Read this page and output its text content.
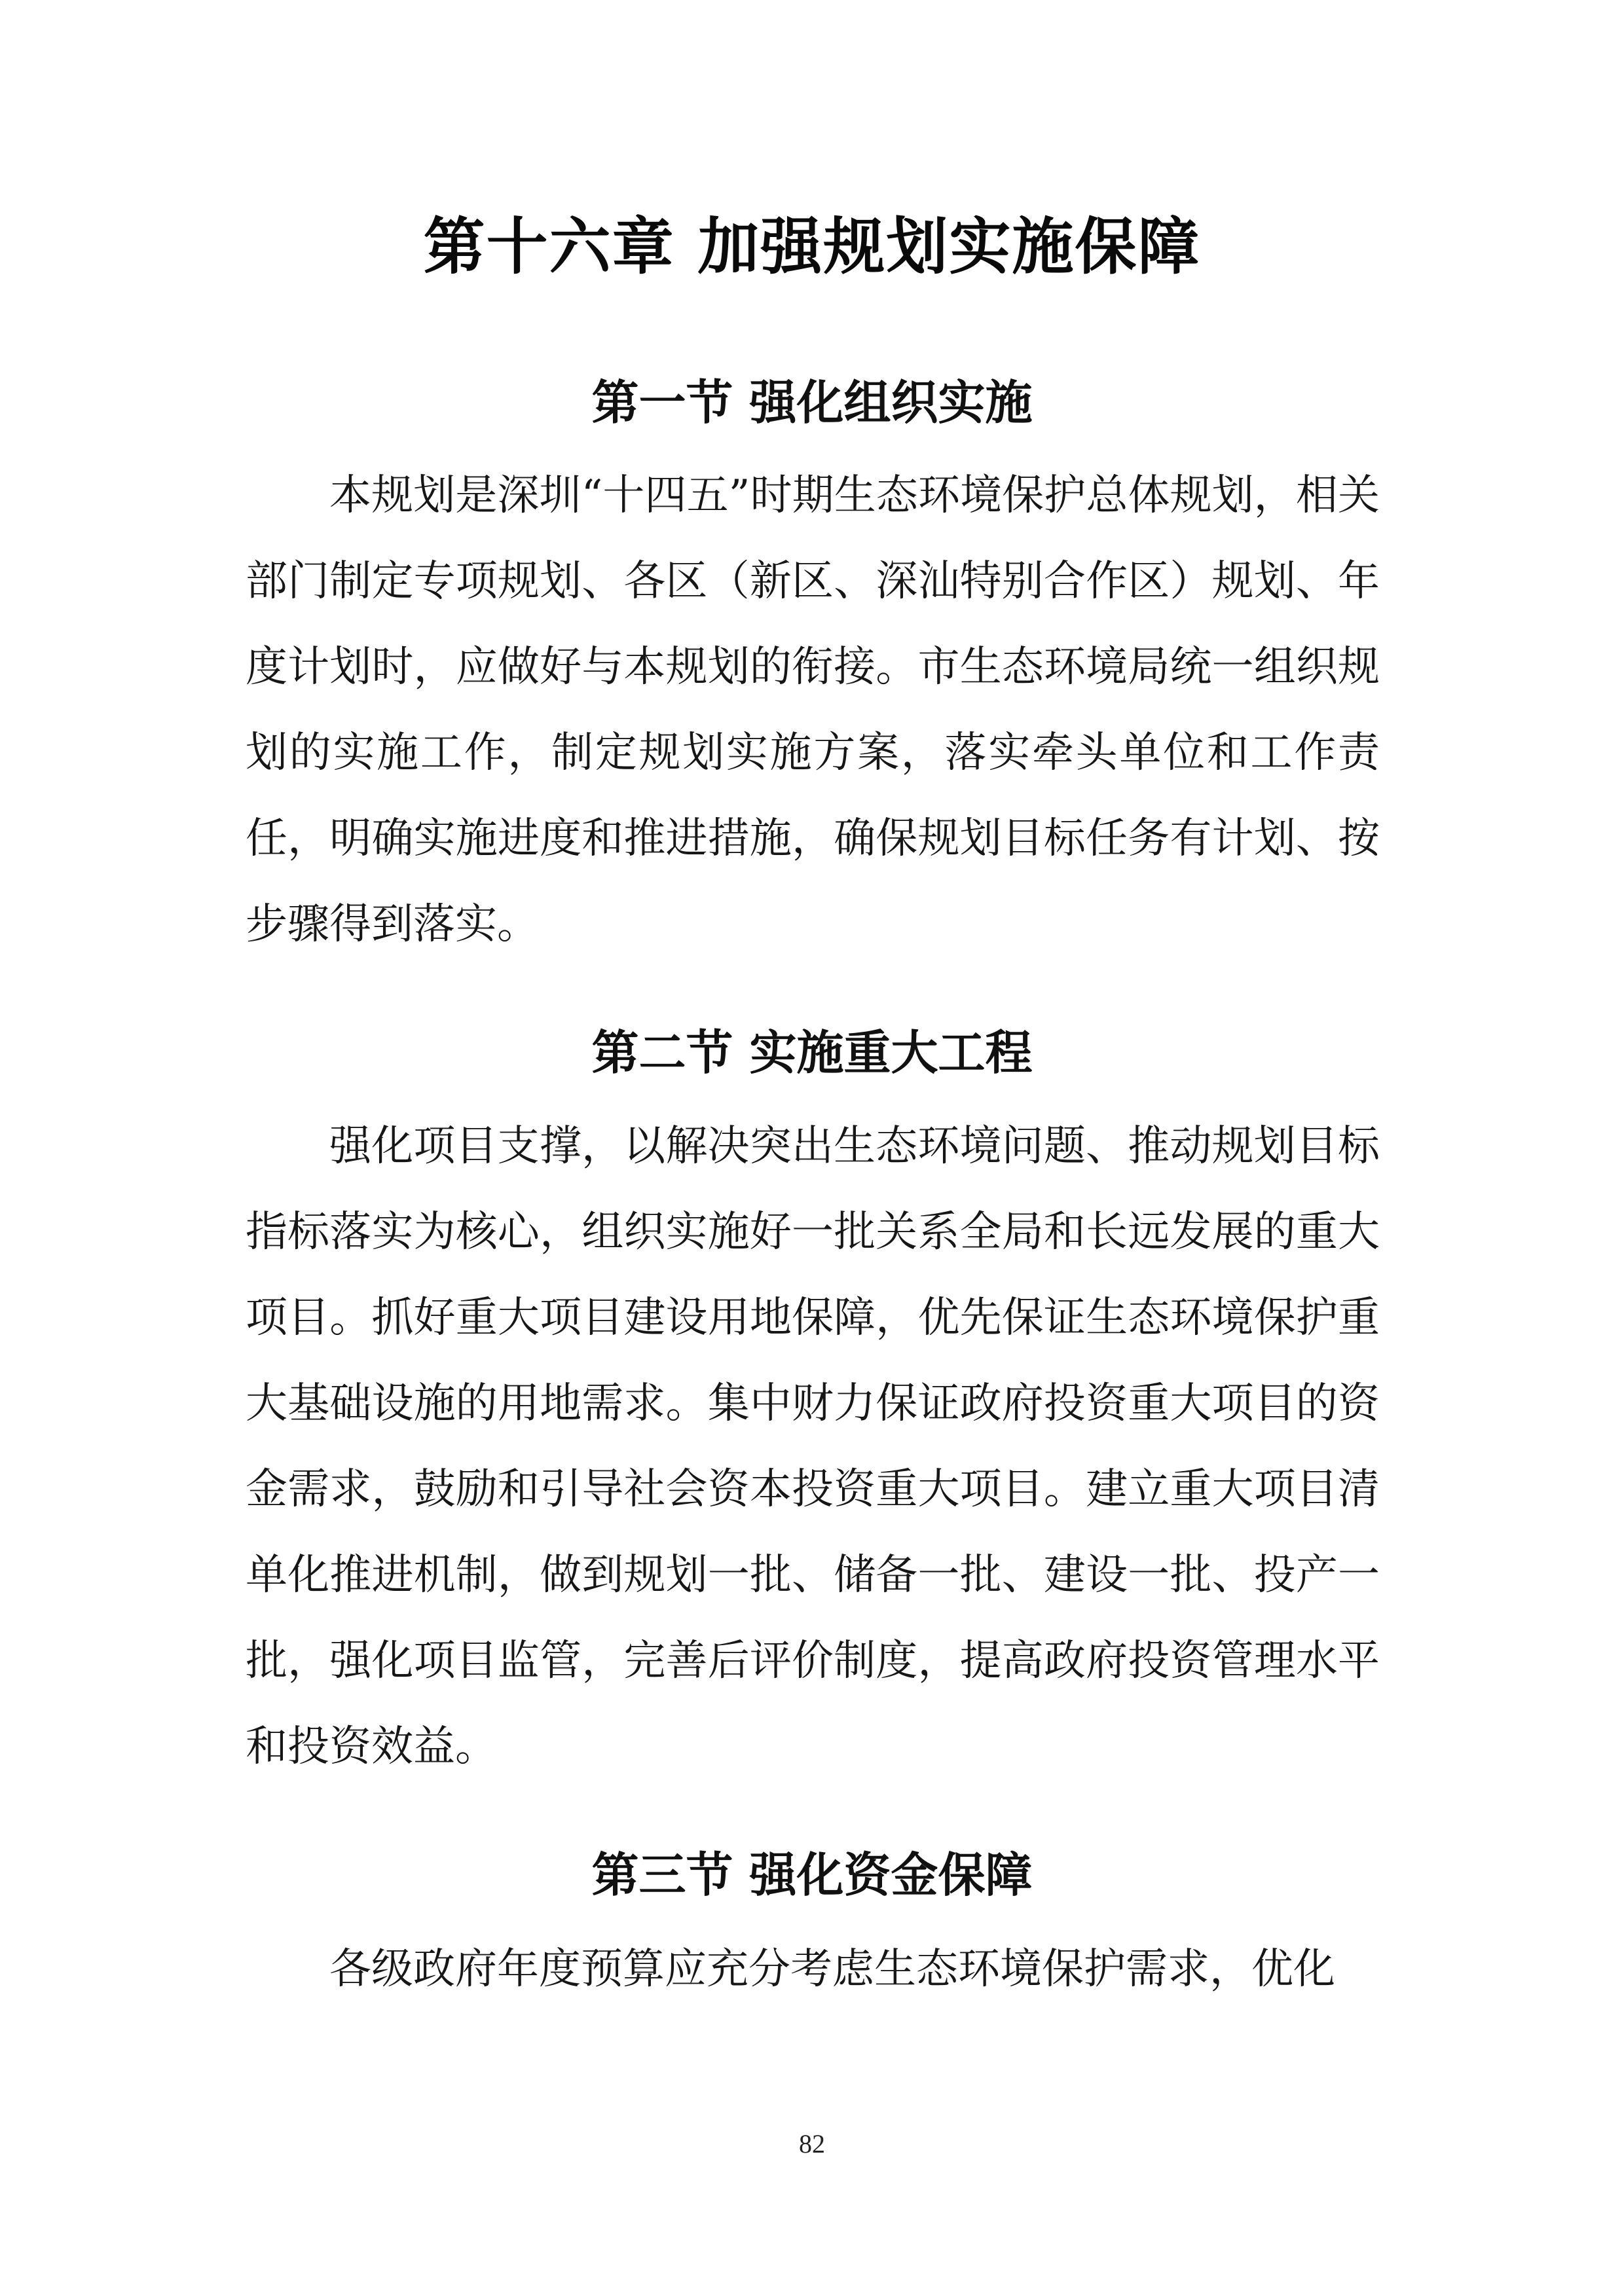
第十六章 加强规划实施保障
第一节 强化组织实施

本规划是深圳“十四五”时期生态环境保护总体规划，相关部门制定专项规划、各区（新区、深汕特别合作区）规划、年度计划时，应做好与本规划的衔接。市生态环境局统一组织规划的实施工作，制定规划实施方案，落实牵头单位和工作责任，明确实施进度和推进措施，确保规划目标任务有计划、按步骤得到落实。

第二节 实施重大工程

强化项目支撑，以解决突出生态环境问题、推动规划目标指标落实为核心，组织实施好一批关系全局和长远发展的重大项目。抓好重大项目建设用地保障，优先保证生态环境保护重大基础设施的用地需求。集中财力保证政府投资重大项目的资金需求，鼓励和引导社会资本投资重大项目。建立重大项目清单化推进机制，做到规划一批、储备一批、建设一批、投产一批，强化项目监管，完善后评价制度，提高政府投资管理水平和投资效益。

第三节 强化资金保障

各级政府年度预算应充分考虑生态环境保护需求，优化

82
